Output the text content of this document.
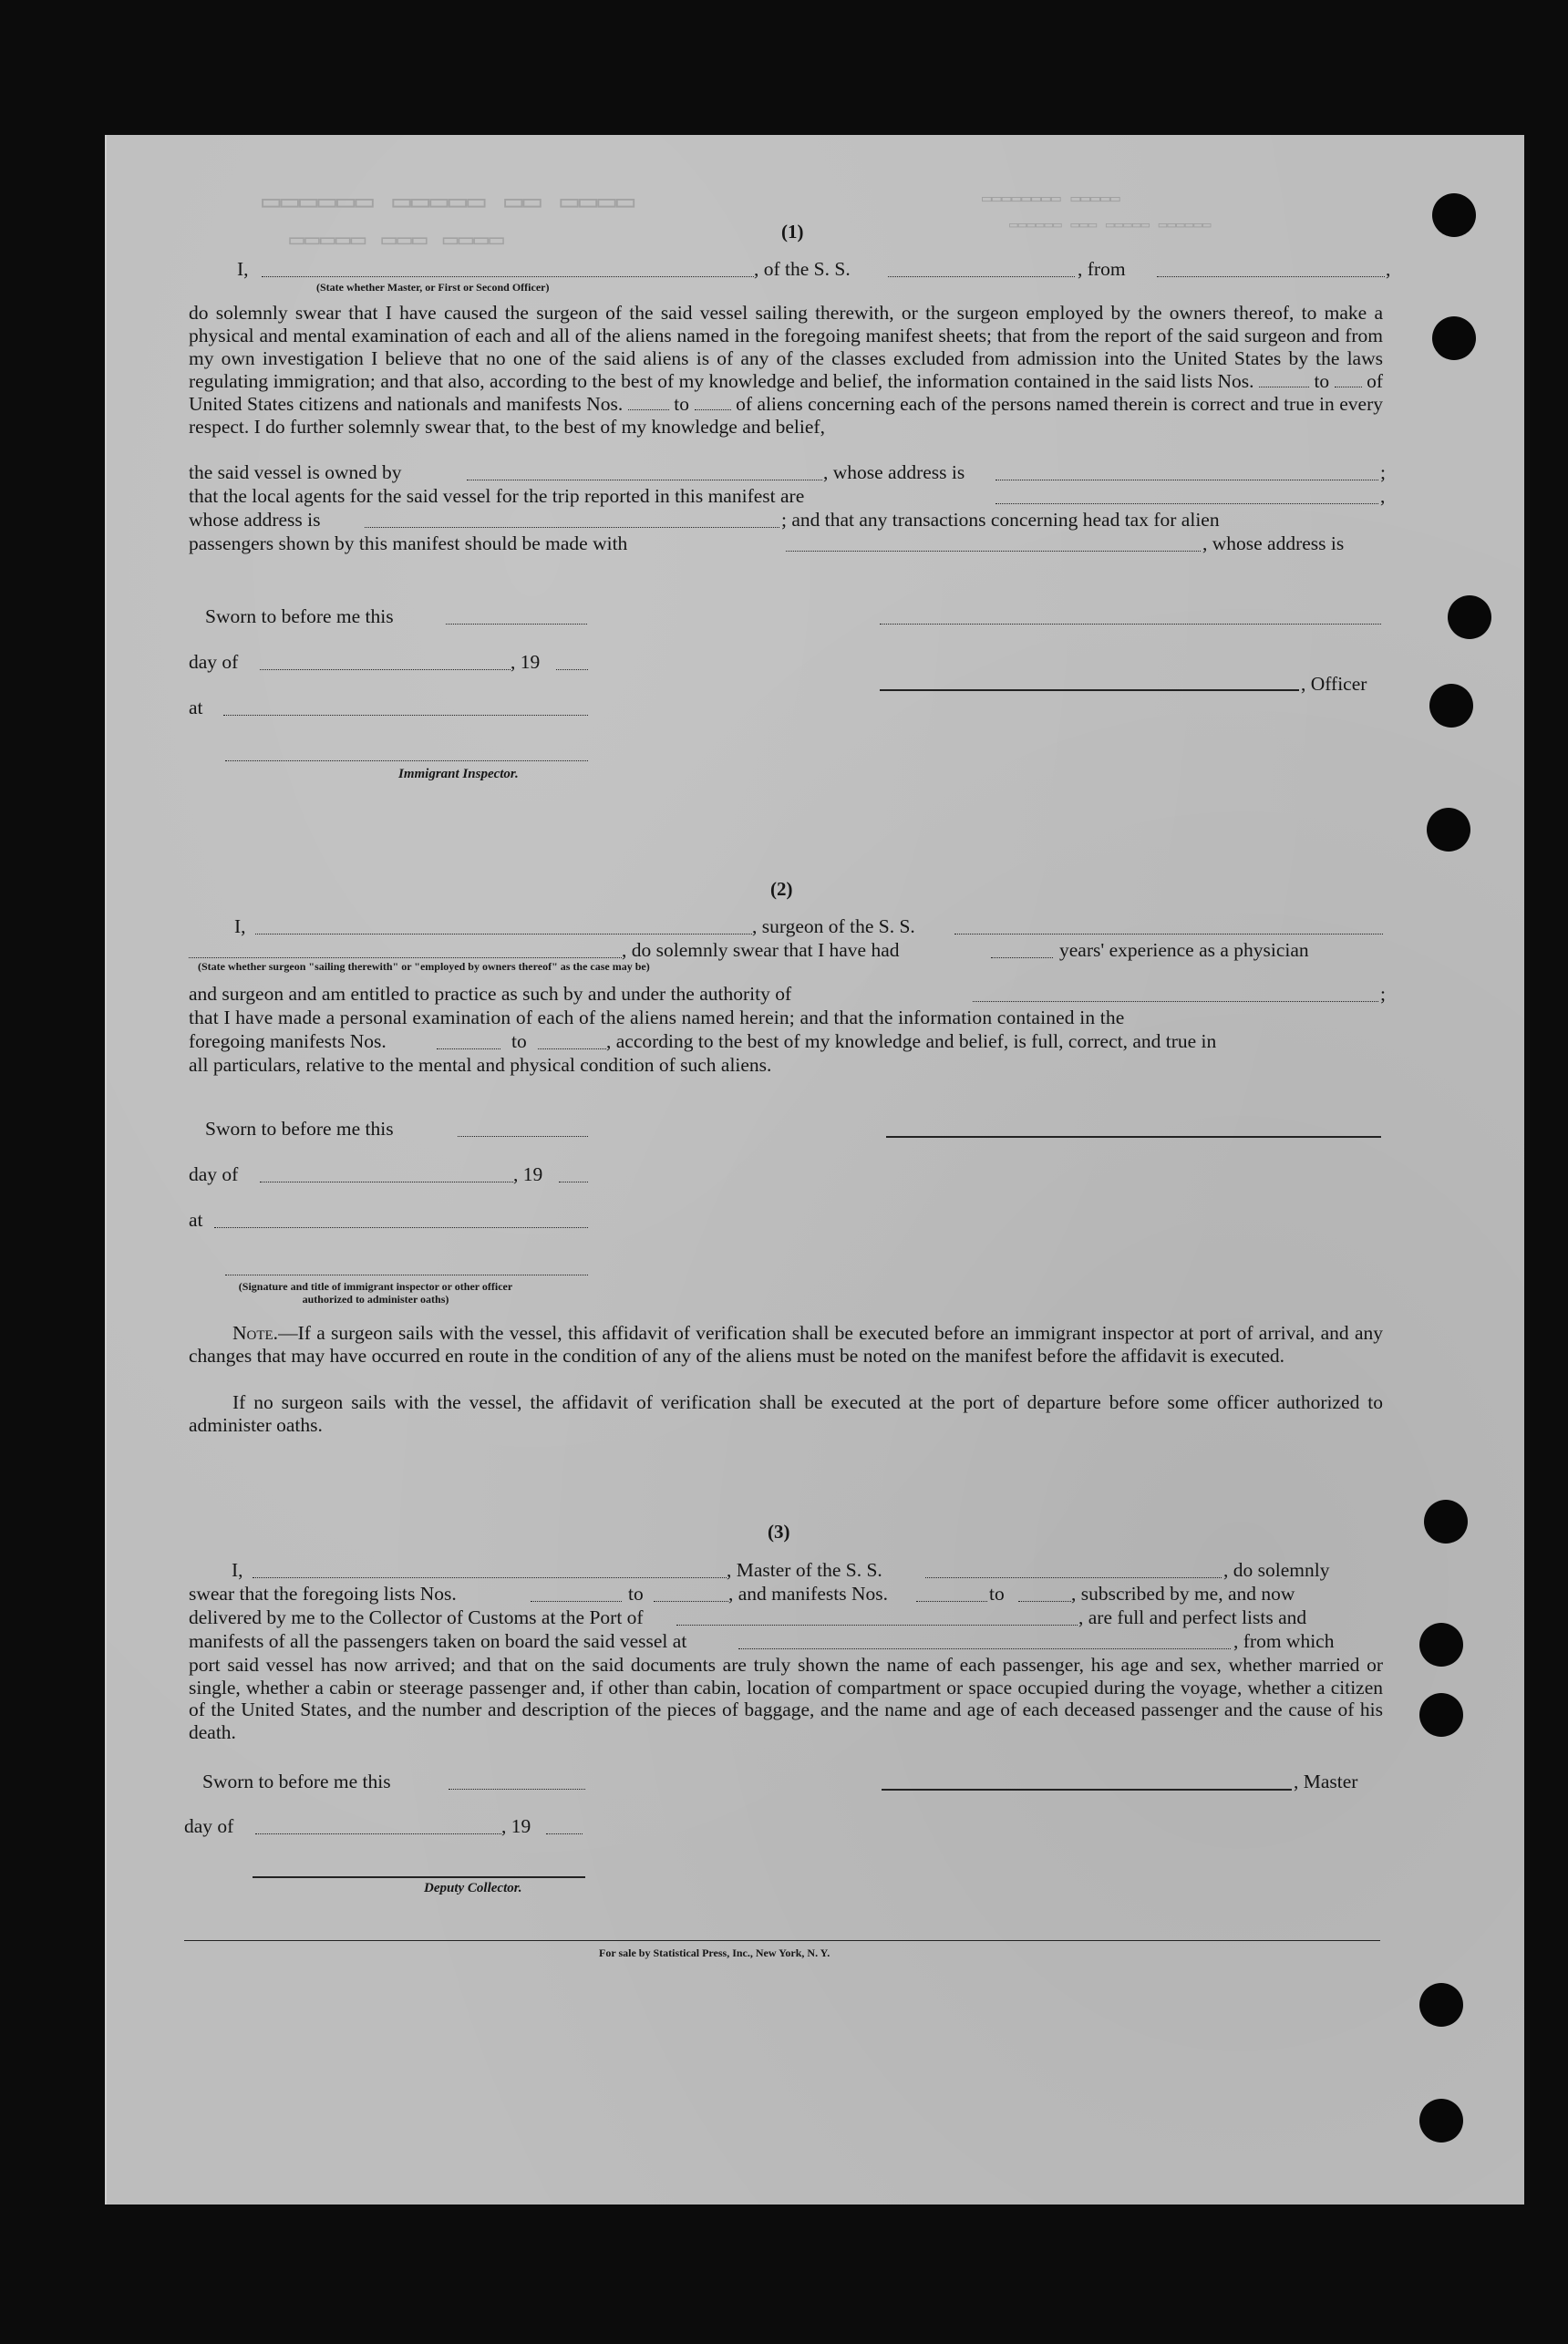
▭▭▭▭ ▭▭ ▭▭▭▭▭ ▭▭▭▭▭▭
▭▭▭▭ ▭▭▭ ▭▭▭▭▭
▭▭▭▭▭ ▭▭▭▭▭▭▭▭
▭▭▭▭▭▭ ▭▭▭▭▭ ▭▭▭ ▭▭▭▭▭▭
(1)
I,	, of the S. S.	, from	,
(State whether Master, or First or Second Officer)
do solemnly swear that I have caused the surgeon of the said vessel sailing therewith, or the surgeon employed by the owners thereof, to make a physical and mental examination of each and all of the aliens named in the foregoing manifest sheets; that from the report of the said surgeon and from my own investigation I believe that no one of the said aliens is of any of the classes excluded from admission into the United States by the laws regulating immigration; and that also, according to the best of my knowledge and belief, the information contained in the said lists Nos.	to of United States citizens and nationals and manifests Nos.	to of aliens concerning each of the persons named therein is correct and true in every respect. I do further solemnly swear that, to the best of my knowledge and belief,
the said vessel is owned by	, whose address is	;
that the local agents for the said vessel for the trip reported in this manifest are	,
whose address is	; and that any transactions concerning head tax for alien
passengers shown by this manifest should be made with	, whose address is
Sworn to before me this
day of	, 19
, Officer
at
Immigrant Inspector.
(2)
I,	, surgeon of the S. S.
, do solemnly swear that I have had	years' experience as a physician
(State whether surgeon "sailing therewith" or "employed by owners thereof" as the case may be)
and surgeon and am entitled to practice as such by and under the authority of	;
that I have made a personal examination of each of the aliens named herein; and that the information contained in the
foregoing manifests Nos.	to	, according to the best of my knowledge and belief, is full, correct, and true in
all particulars, relative to the mental and physical condition of such aliens.
Sworn to before me this
day of	, 19
at
(Signature and title of immigrant inspector or other officer authorized to administer oaths)
Note.—If a surgeon sails with the vessel, this affidavit of verification shall be executed before an immigrant inspector at port of arrival, and any changes that may have occurred en route in the condition of any of the aliens must be noted on the manifest before the affidavit is executed.
If no surgeon sails with the vessel, the affidavit of verification shall be executed at the port of departure before some officer authorized to administer oaths.
(3)
I,	, Master of the S. S.	, do solemnly
swear that the foregoing lists Nos.	to	, and manifests Nos.	to	, subscribed by me, and now
delivered by me to the Collector of Customs at the Port of	, are full and perfect lists and
manifests of all the passengers taken on board the said vessel at	, from which
port said vessel has now arrived; and that on the said documents are truly shown the name of each passenger, his age and sex, whether married or single, whether a cabin or steerage passenger and, if other than cabin, location of compartment or space occupied during the voyage, whether a citizen of the United States, and the number and description of the pieces of baggage, and the name and age of each deceased passenger and the cause of his death.
Sworn to before me this	, Master
day of	, 19
Deputy Collector.
For sale by Statistical Press, Inc., New York, N. Y.
